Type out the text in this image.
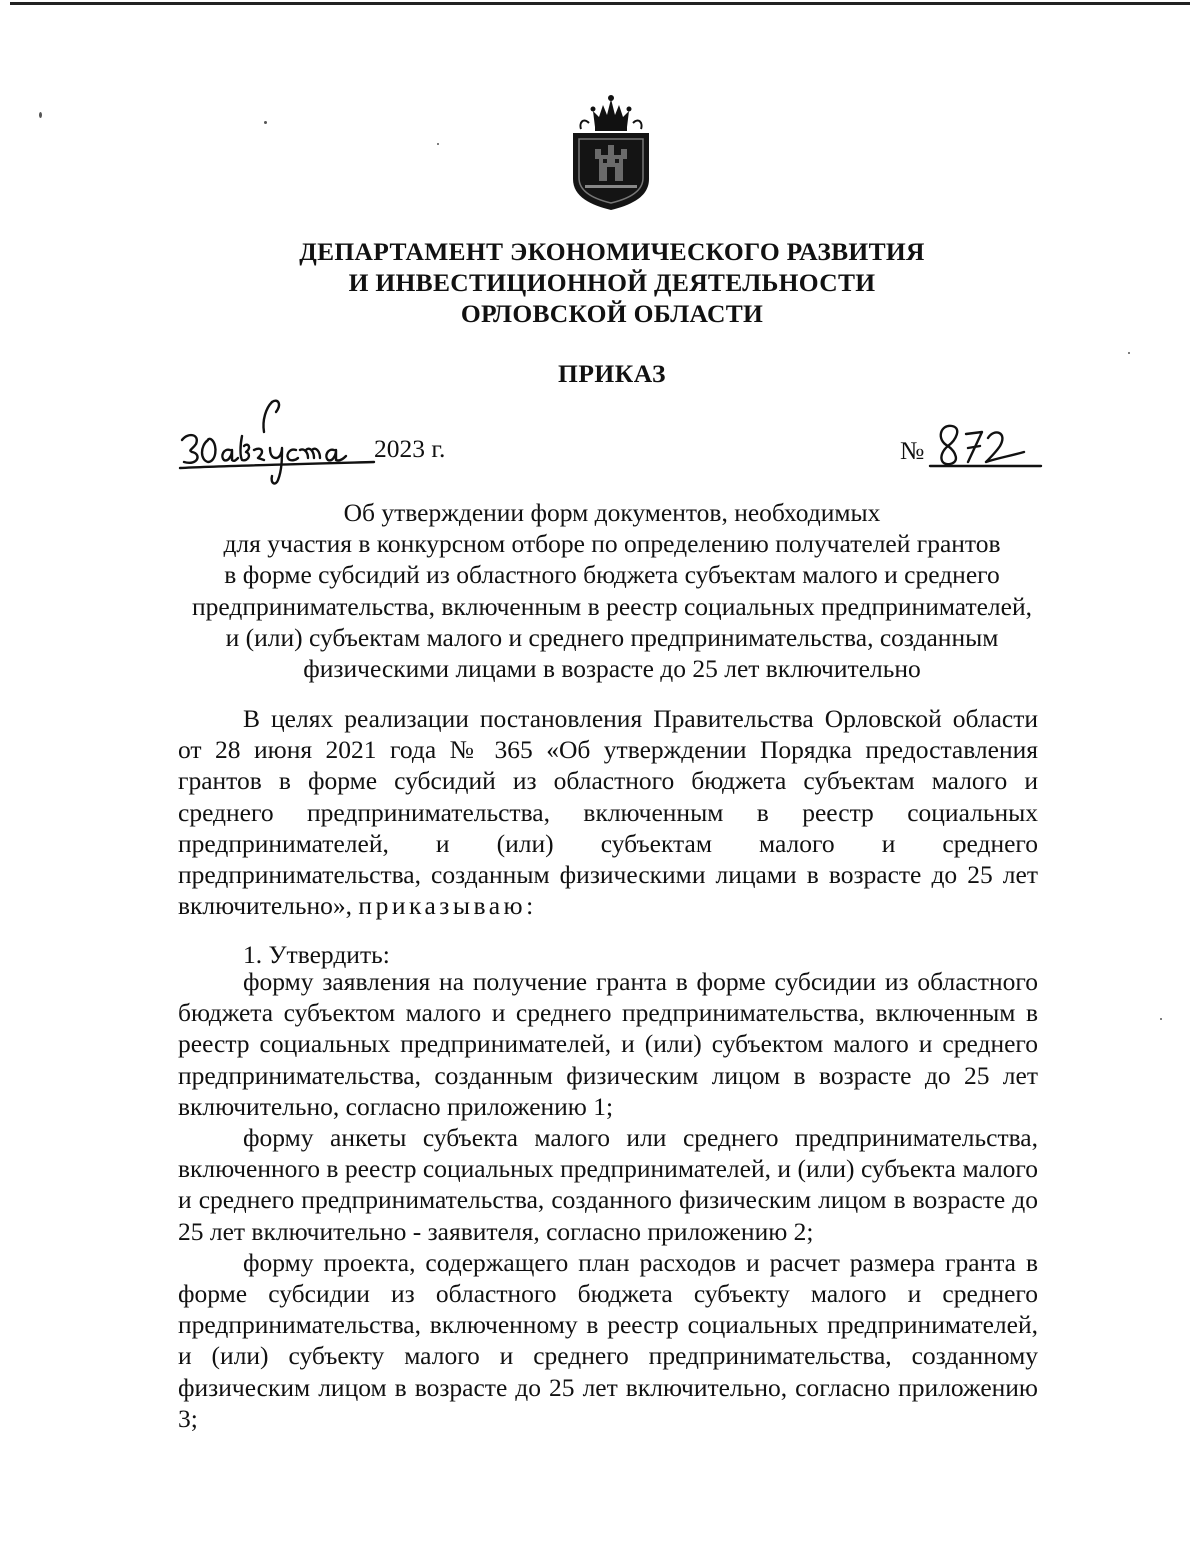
ДЕПАРТАМЕНТ ЭКОНОМИЧЕСКОГО РАЗВИТИЯ
И ИНВЕСТИЦИОННОЙ ДЕЯТЕЛЬНОСТИ
ОРЛОВСКОЙ ОБЛАСТИ
ПРИКАЗ
2023 г.	№
Об утверждении форм документов, необходимых
для участия в конкурсном отборе по определению получателей грантов
в форме субсидий из областного бюджета субъектам малого и среднего
предпринимательства, включенным в реестр социальных предпринимателей,
и (или) субъектам малого и среднего предпринимательства, созданным
физическими лицами в возрасте до 25 лет включительно

В целях реализации постановления Правительства Орловской области от 28 июня 2021 года № 365 «Об утверждении Порядка предоставления грантов в форме субсидий из областного бюджета субъектам малого и среднего предпринимательства, включенным в реестр социальных предпринимателей, и (или) субъектам малого и среднего предпринимательства, созданным физическими лицами в возрасте до 25 лет включительно», приказываю:

1. Утвердить:

форму заявления на получение гранта в форме субсидии из областного бюджета субъектом малого и среднего предпринимательства, включенным в реестр социальных предпринимателей, и (или) субъектом малого и среднего предпринимательства, созданным физическим лицом в возрасте до 25 лет включительно, согласно приложению 1;

форму анкеты субъекта малого или среднего предпринимательства, включенного в реестр социальных предпринимателей, и (или) субъекта малого и среднего предпринимательства, созданного физическим лицом в возрасте до 25 лет включительно - заявителя, согласно приложению 2;

форму проекта, содержащего план расходов и расчет размера гранта в форме субсидии из областного бюджета субъекту малого и среднего предпринимательства, включенному в реестр социальных предпринимателей, и (или) субъекту малого и среднего предпринимательства, созданному физическим лицом в возрасте до 25 лет включительно, согласно приложению 3;
